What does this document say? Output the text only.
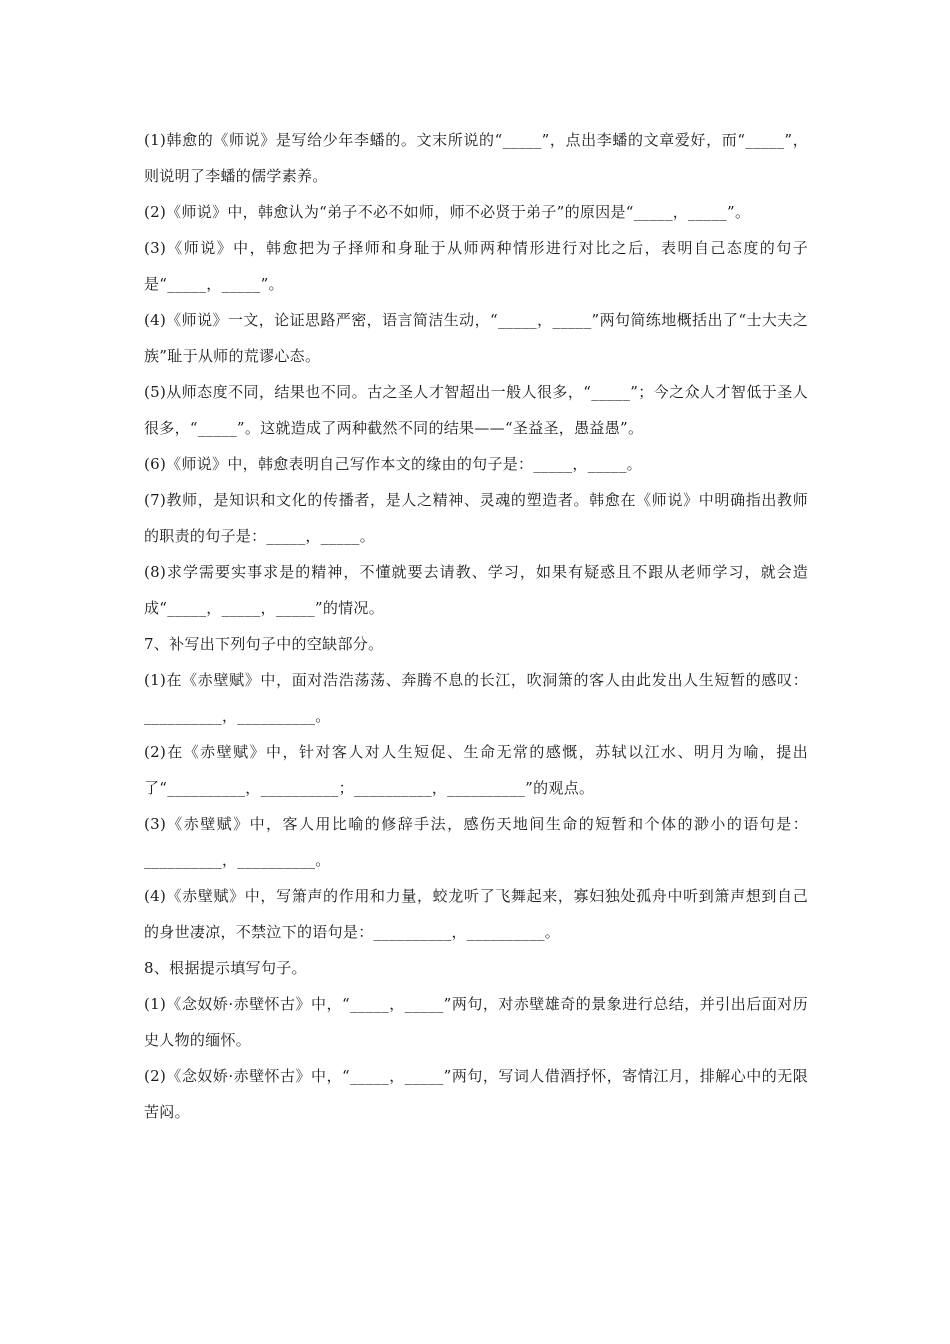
(1)韩愈的《师说》是写给少年李蟠的。文末所说的“_____”，点出李蟠的文章爱好，而“_____”，则说明了李蟠的儒学素养。

(2)《师说》中，韩愈认为“弟子不必不如师，师不必贤于弟子”的原因是“_____，_____”。

(3)《师说》中，韩愈把为子择师和身耻于从师两种情形进行对比之后，表明自己态度的句子是“_____，_____”。

(4)《师说》一文，论证思路严密，语言简洁生动，“_____，_____”两句简练地概括出了“士大夫之族”耻于从师的荒谬心态。

(5)从师态度不同，结果也不同。古之圣人才智超出一般人很多，“_____”；今之众人才智低于圣人很多，“_____”。这就造成了两种截然不同的结果——“圣益圣，愚益愚”。

(6)《师说》中，韩愈表明自己写作本文的缘由的句子是：_____，_____。

(7)教师，是知识和文化的传播者，是人之精神、灵魂的塑造者。韩愈在《师说》中明确指出教师的职责的句子是：_____，_____。

(8)求学需要实事求是的精神，不懂就要去请教、学习，如果有疑惑且不跟从老师学习，就会造成“_____，_____，_____”的情况。

7、补写出下列句子中的空缺部分。

(1)在《赤壁赋》中，面对浩浩荡荡、奔腾不息的长江，吹洞箫的客人由此发出人生短暂的感叹：__________，__________。

(2)在《赤壁赋》中，针对客人对人生短促、生命无常的感慨，苏轼以江水、明月为喻，提出了“__________，__________；__________，__________”的观点。

(3)《赤壁赋》中，客人用比喻的修辞手法，感伤天地间生命的短暂和个体的渺小的语句是：__________，__________。

(4)《赤壁赋》中，写箫声的作用和力量，蛟龙听了飞舞起来，寡妇独处孤舟中听到箫声想到自己的身世凄凉，不禁泣下的语句是：__________，__________。

8、根据提示填写句子。

(1)《念奴娇·赤壁怀古》中，“_____，_____”两句，对赤壁雄奇的景象进行总结，并引出后面对历史人物的缅怀。

(2)《念奴娇·赤壁怀古》中，“_____，_____”两句，写词人借酒抒怀，寄情江月，排解心中的无限苦闷。
